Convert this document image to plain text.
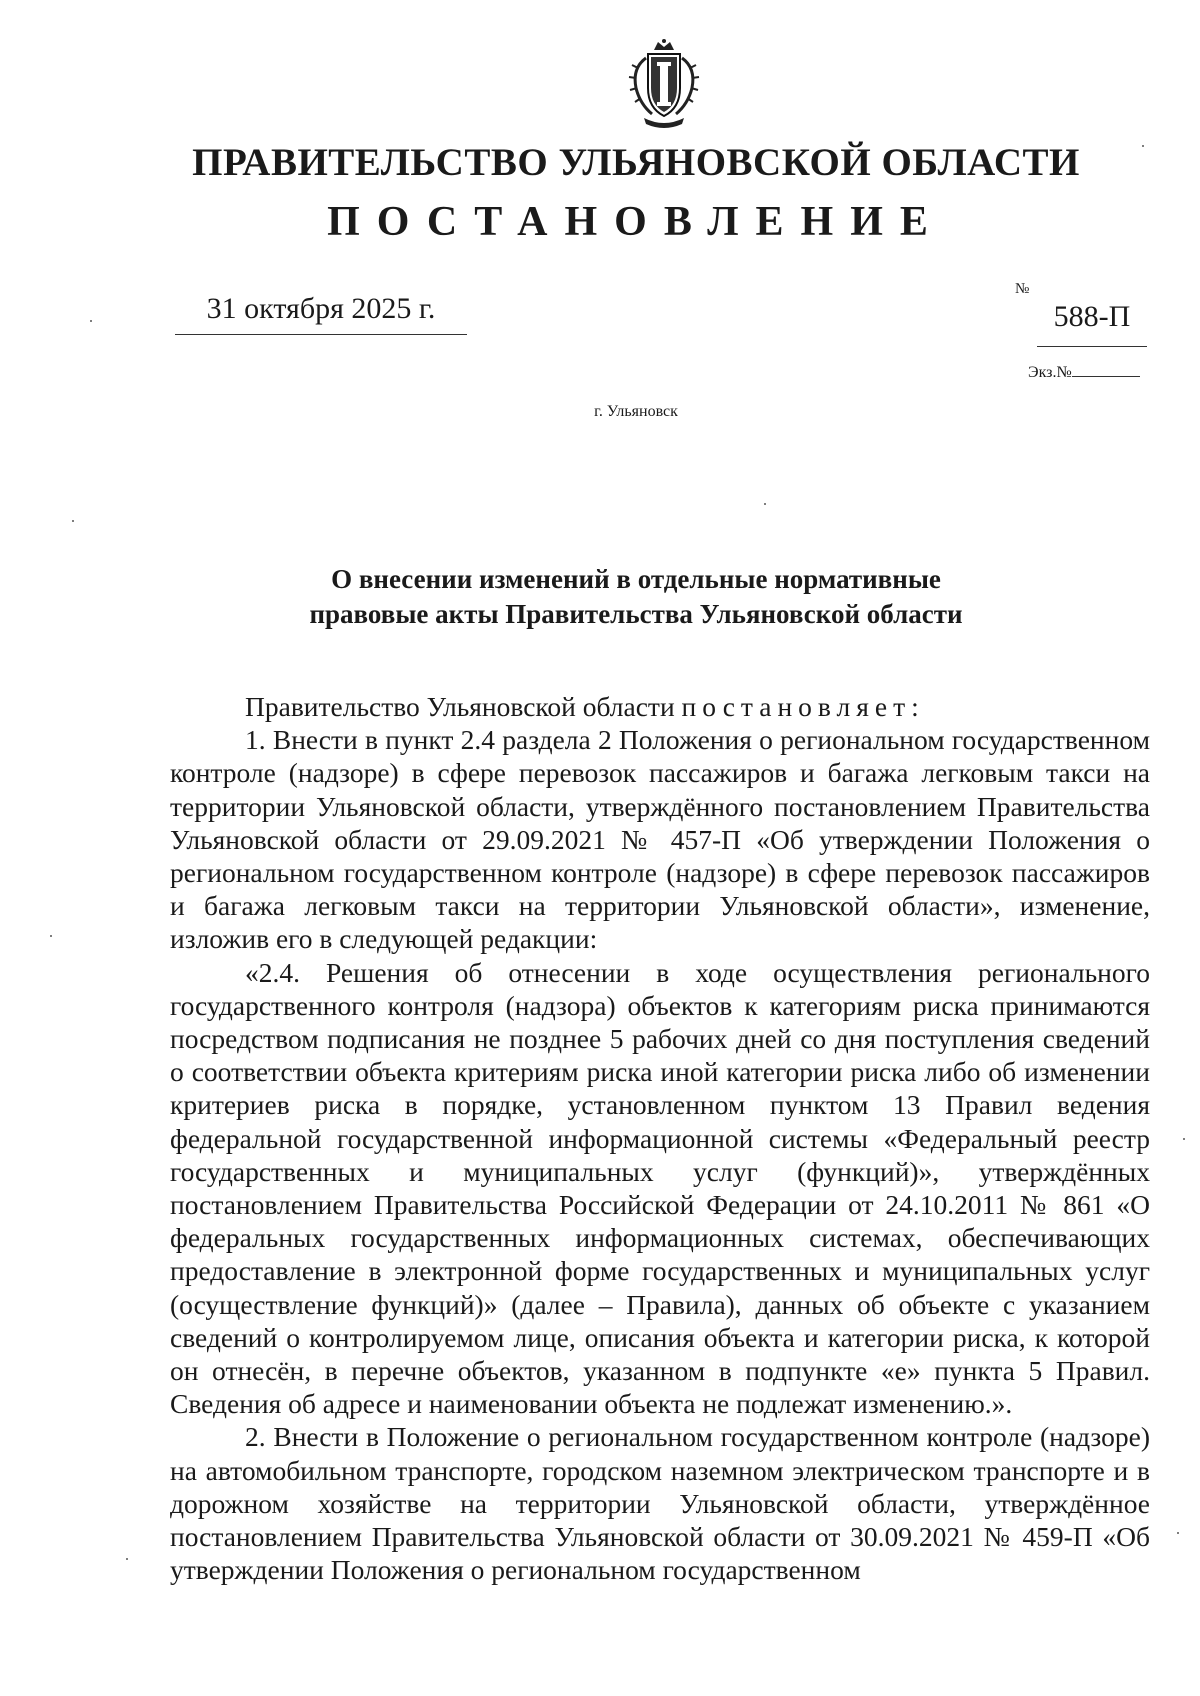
ПРАВИТЕЛЬСТВО УЛЬЯНОВСКОЙ ОБЛАСТИ
ПОСТАНОВЛЕНИЕ
31 октября 2025 г.
№
588-П
Экз.№

г. Ульяновск

О внесении изменений в отдельные нормативные
правовые акты Правительства Ульяновской области

Правительство Ульяновской области постановляет:

1. Внести в пункт 2.4 раздела 2 Положения о региональном государственном контроле (надзоре) в сфере перевозок пассажиров и багажа легковым такси на территории Ульяновской области, утверждённого постановлением Правительства Ульяновской области от 29.09.2021 № 457-П «Об утверждении Положения о региональном государственном контроле (надзоре) в сфере перевозок пассажиров и багажа легковым такси на территории Ульяновской области», изменение, изложив его в следующей редакции:

«2.4. Решения об отнесении в ходе осуществления регионального государственного контроля (надзора) объектов к категориям риска принимаются посредством подписания не позднее 5 рабочих дней со дня поступления сведений о соответствии объекта критериям риска иной категории риска либо об изменении критериев риска в порядке, установленном пунктом 13 Правил ведения федеральной государственной информационной системы «Федеральный реестр государственных и муниципальных услуг (функций)», утверждённых постановлением Правительства Российской Федерации от 24.10.2011 № 861 «О федеральных государственных информационных системах, обеспечивающих предоставление в электронной форме государственных и муниципальных услуг (осуществление функций)» (далее – Правила), данных об объекте с указанием сведений о контролируемом лице, описания объекта и категории риска, к которой он отнесён, в перечне объектов, указанном в подпункте «е» пункта 5 Правил. Сведения об адресе и наименовании объекта не подлежат изменению.».

2. Внести в Положение о региональном государственном контроле (надзоре) на автомобильном транспорте, городском наземном электрическом транспорте и в дорожном хозяйстве на территории Ульяновской области, утверждённое постановлением Правительства Ульяновской области от 30.09.2021 № 459-П «Об утверждении Положения о региональном государственном
